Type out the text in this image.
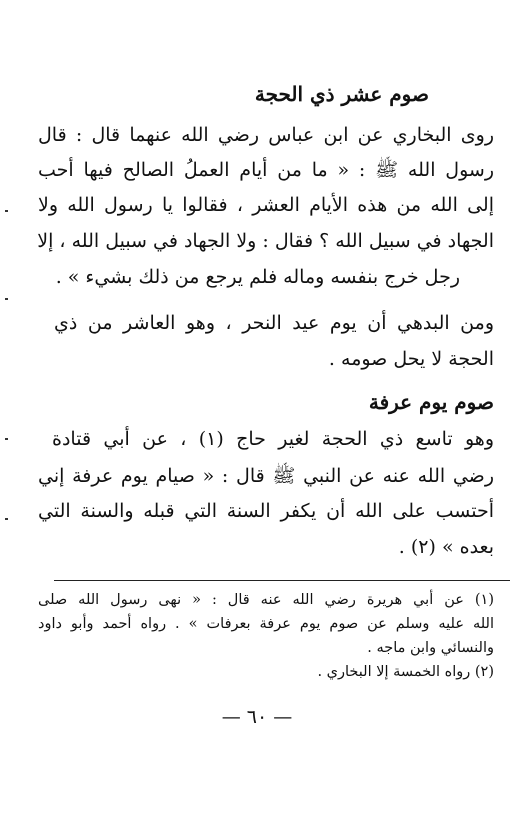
صوم عشر ذي الحجة
روى البخاري عن ابن عباس رضي الله عنهما قال : قال
رسول الله ﷺ : « ما من أيام العملُ الصالح فيها أحب
إلى الله من هذه الأيام العشر ، فقالوا يا رسول الله ولا
الجهاد في سبيل الله ؟ فقال : ولا الجهاد في سبيل الله ، إلا
رجل خرج بنفسه وماله فلم يرجع من ذلك بشيء » .
ومن البدهي أن يوم عيد النحر ، وهو العاشر من ذي
الحجة لا يحل صومه .
صوم يوم عرفة
وهو تاسع ذي الحجة لغير حاج (١) ، عن أبي قتادة
رضي الله عنه عن النبي ﷺ قال : « صيام يوم عرفة إني
أحتسب على الله أن يكفر السنة التي قبله والسنة التي
بعده » (٢) .
(١) عن أبي هريرة رضي الله عنه قال : « نهى رسول الله صلى
الله عليه وسلم عن صوم يوم عرفة بعرفات » . رواه أحمد وأبو داود
والنسائي وابن ماجه .
(٢) رواه الخمسة إلا البخاري .
— ٦٠ —
